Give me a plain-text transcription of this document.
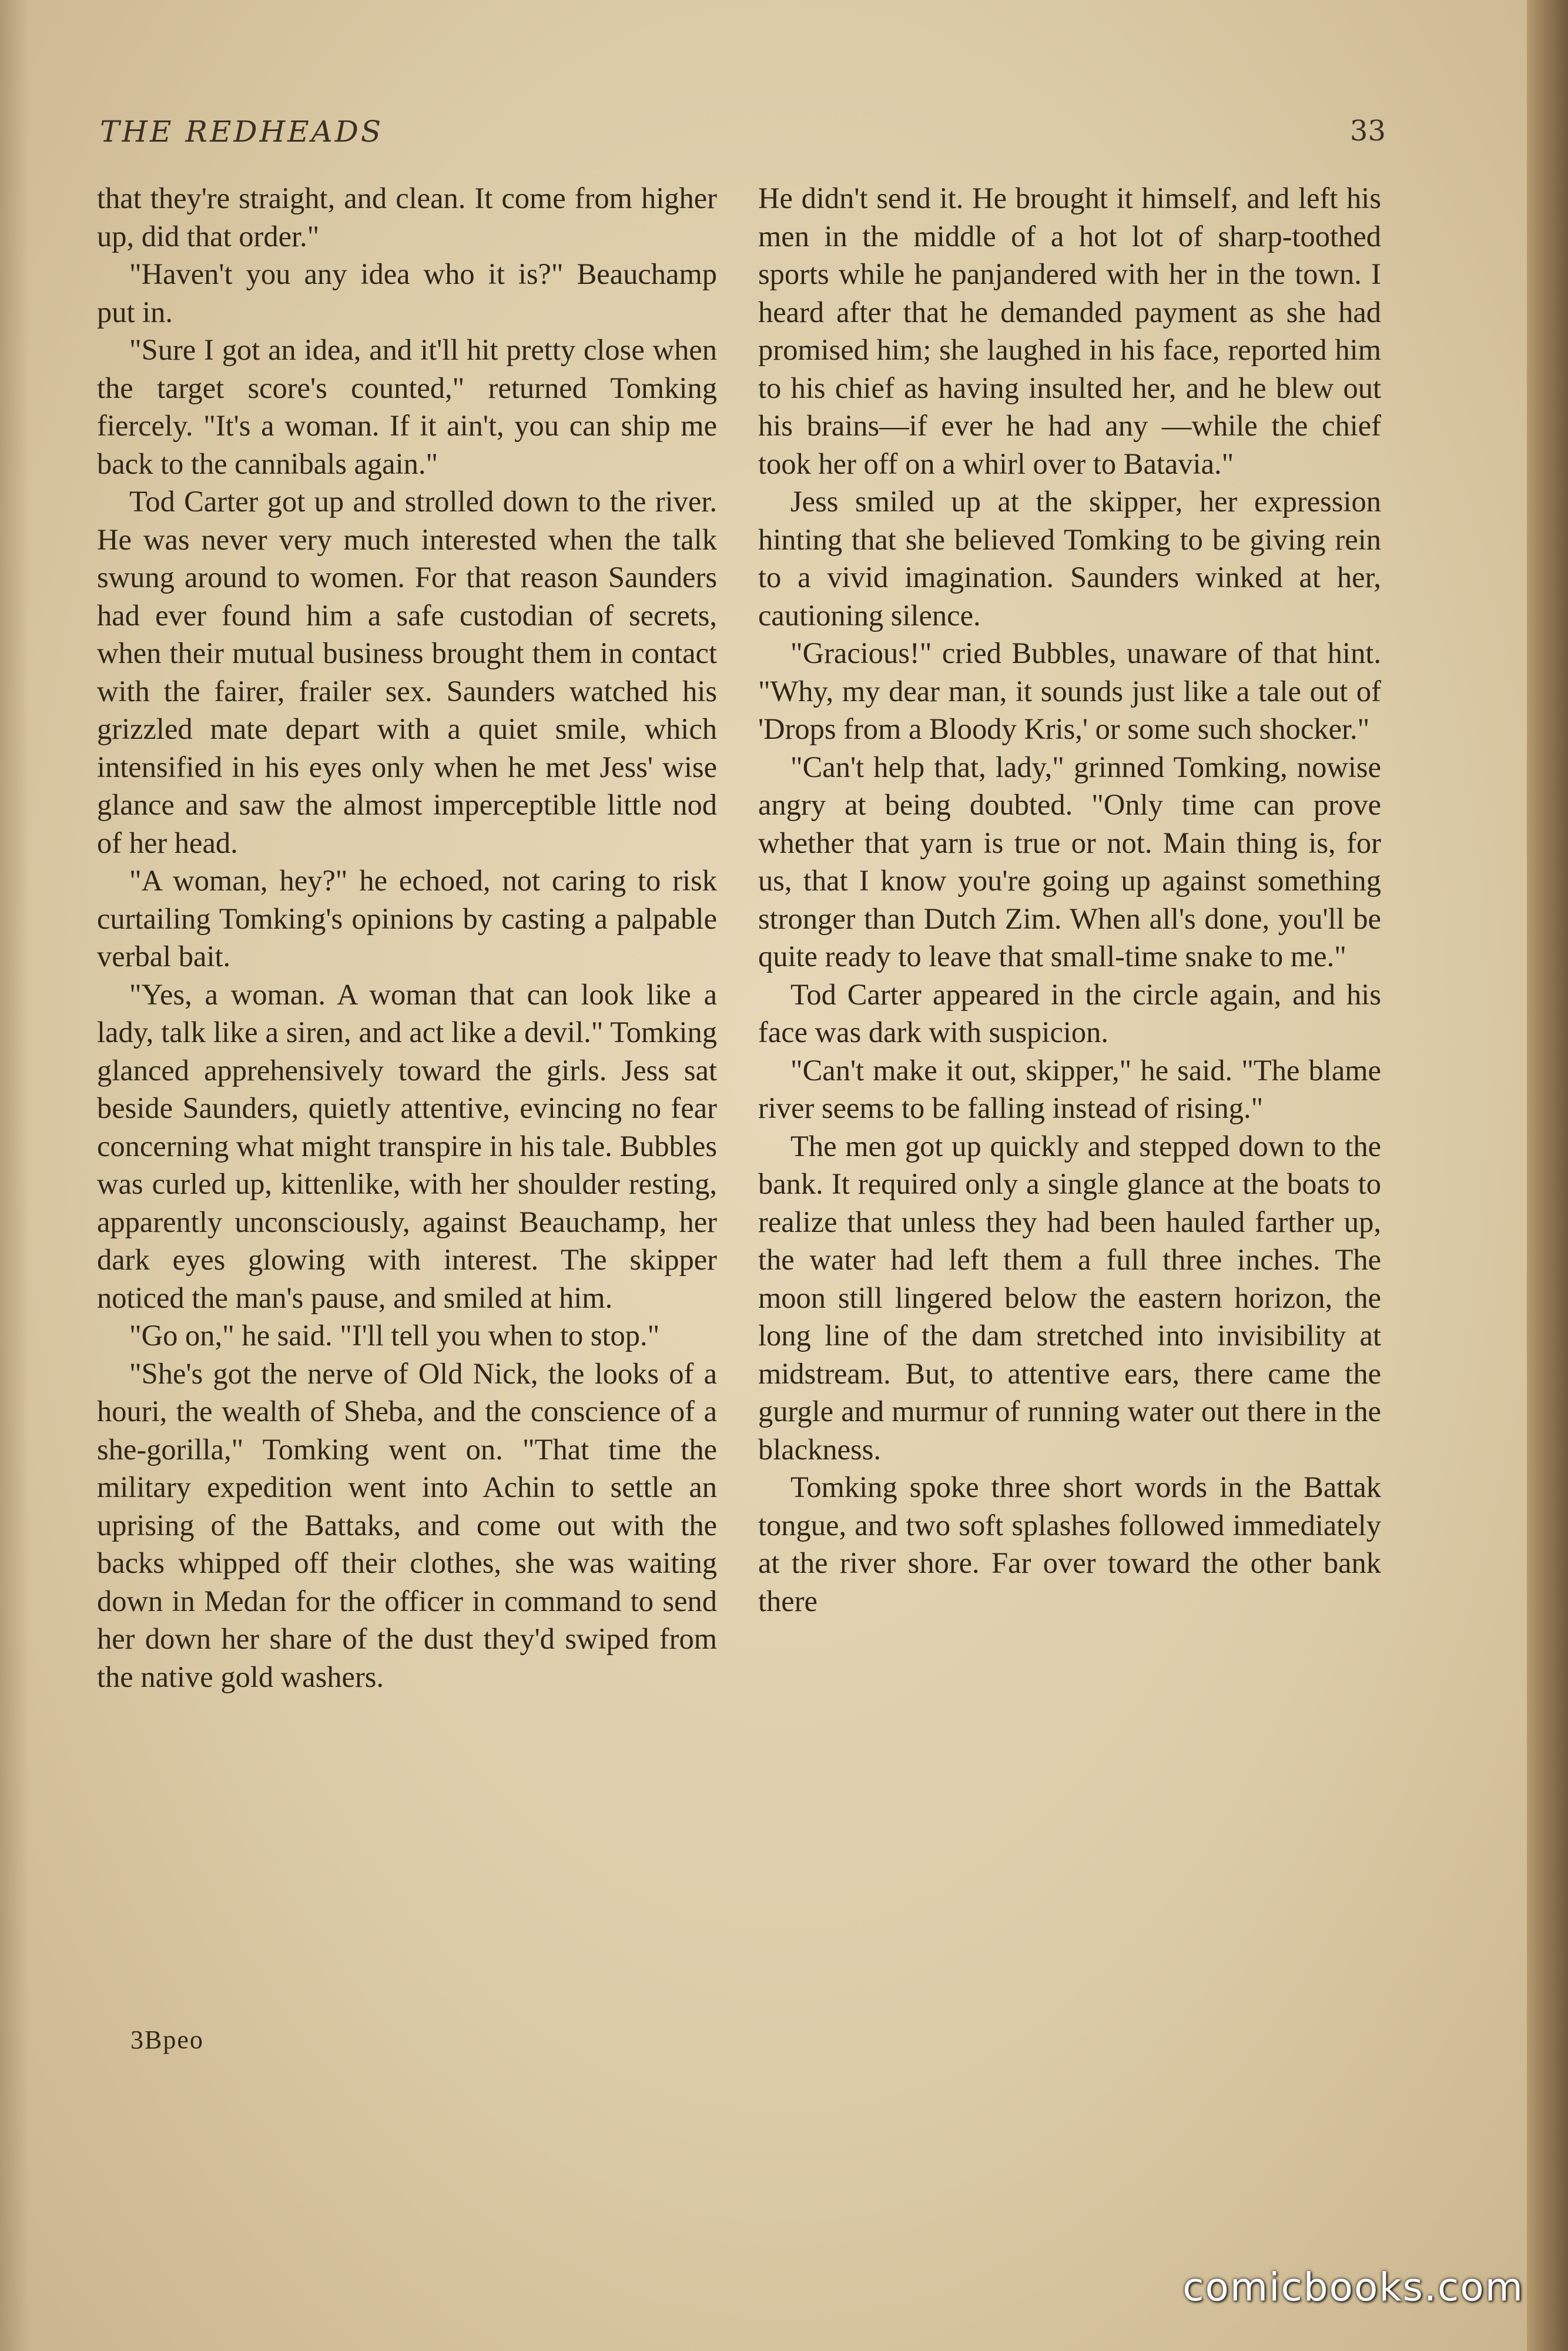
THE REDHEADS	33

that they're straight, and clean. It come from higher up, did that order."

"Haven't you any idea who it is?" Beauchamp put in.

"Sure I got an idea, and it'll hit pretty close when the target score's counted," returned Tomking fiercely. "It's a woman. If it ain't, you can ship me back to the cannibals again."

Tod Carter got up and strolled down to the river. He was never very much interested when the talk swung around to women. For that reason Saunders had ever found him a safe custodian of secrets, when their mutual business brought them in contact with the fairer, frailer sex. Saunders watched his grizzled mate depart with a quiet smile, which intensified in his eyes only when he met Jess' wise glance and saw the almost imperceptible little nod of her head.

"A woman, hey?" he echoed, not caring to risk curtailing Tomking's opinions by casting a palpable verbal bait.

"Yes, a woman. A woman that can look like a lady, talk like a siren, and act like a devil." Tomking glanced apprehensively toward the girls. Jess sat beside Saunders, quietly attentive, evincing no fear concerning what might transpire in his tale. Bubbles was curled up, kittenlike, with her shoulder resting, apparently unconsciously, against Beauchamp, her dark eyes glowing with interest. The skipper noticed the man's pause, and smiled at him.

"Go on," he said. "I'll tell you when to stop."

"She's got the nerve of Old Nick, the looks of a houri, the wealth of Sheba, and the conscience of a she-gorilla," Tomking went on. "That time the military expedition went into Achin to settle an uprising of the Battaks, and come out with the backs whipped off their clothes, she was waiting down in Medan for the officer in command to send her down her share of the dust they'd swiped from the native gold washers.

He didn't send it. He brought it himself, and left his men in the middle of a hot lot of sharp-toothed sports while he panjandered with her in the town. I heard after that he demanded payment as she had promised him; she laughed in his face, reported him to his chief as having insulted her, and he blew out his brains—if ever he had any —while the chief took her off on a whirl over to Batavia."

Jess smiled up at the skipper, her expression hinting that she believed Tomking to be giving rein to a vivid imagination. Saunders winked at her, cautioning silence.

"Gracious!" cried Bubbles, unaware of that hint. "Why, my dear man, it sounds just like a tale out of 'Drops from a Bloody Kris,' or some such shocker."

"Can't help that, lady," grinned Tomking, nowise angry at being doubted. "Only time can prove whether that yarn is true or not. Main thing is, for us, that I know you're going up against something stronger than Dutch Zim. When all's done, you'll be quite ready to leave that small-time snake to me."

Tod Carter appeared in the circle again, and his face was dark with suspicion.

"Can't make it out, skipper," he said. "The blame river seems to be falling instead of rising."

The men got up quickly and stepped down to the bank. It required only a single glance at the boats to realize that unless they had been hauled farther up, the water had left them a full three inches. The moon still lingered below the eastern horizon, the long line of the dam stretched into invisibility at midstream. But, to attentive ears, there came the gurgle and murmur of running water out there in the blackness.

Tomking spoke three short words in the Battak tongue, and two soft splashes followed immediately at the river shore. Far over toward the other bank there

3Bpeo
comicbooks.com
